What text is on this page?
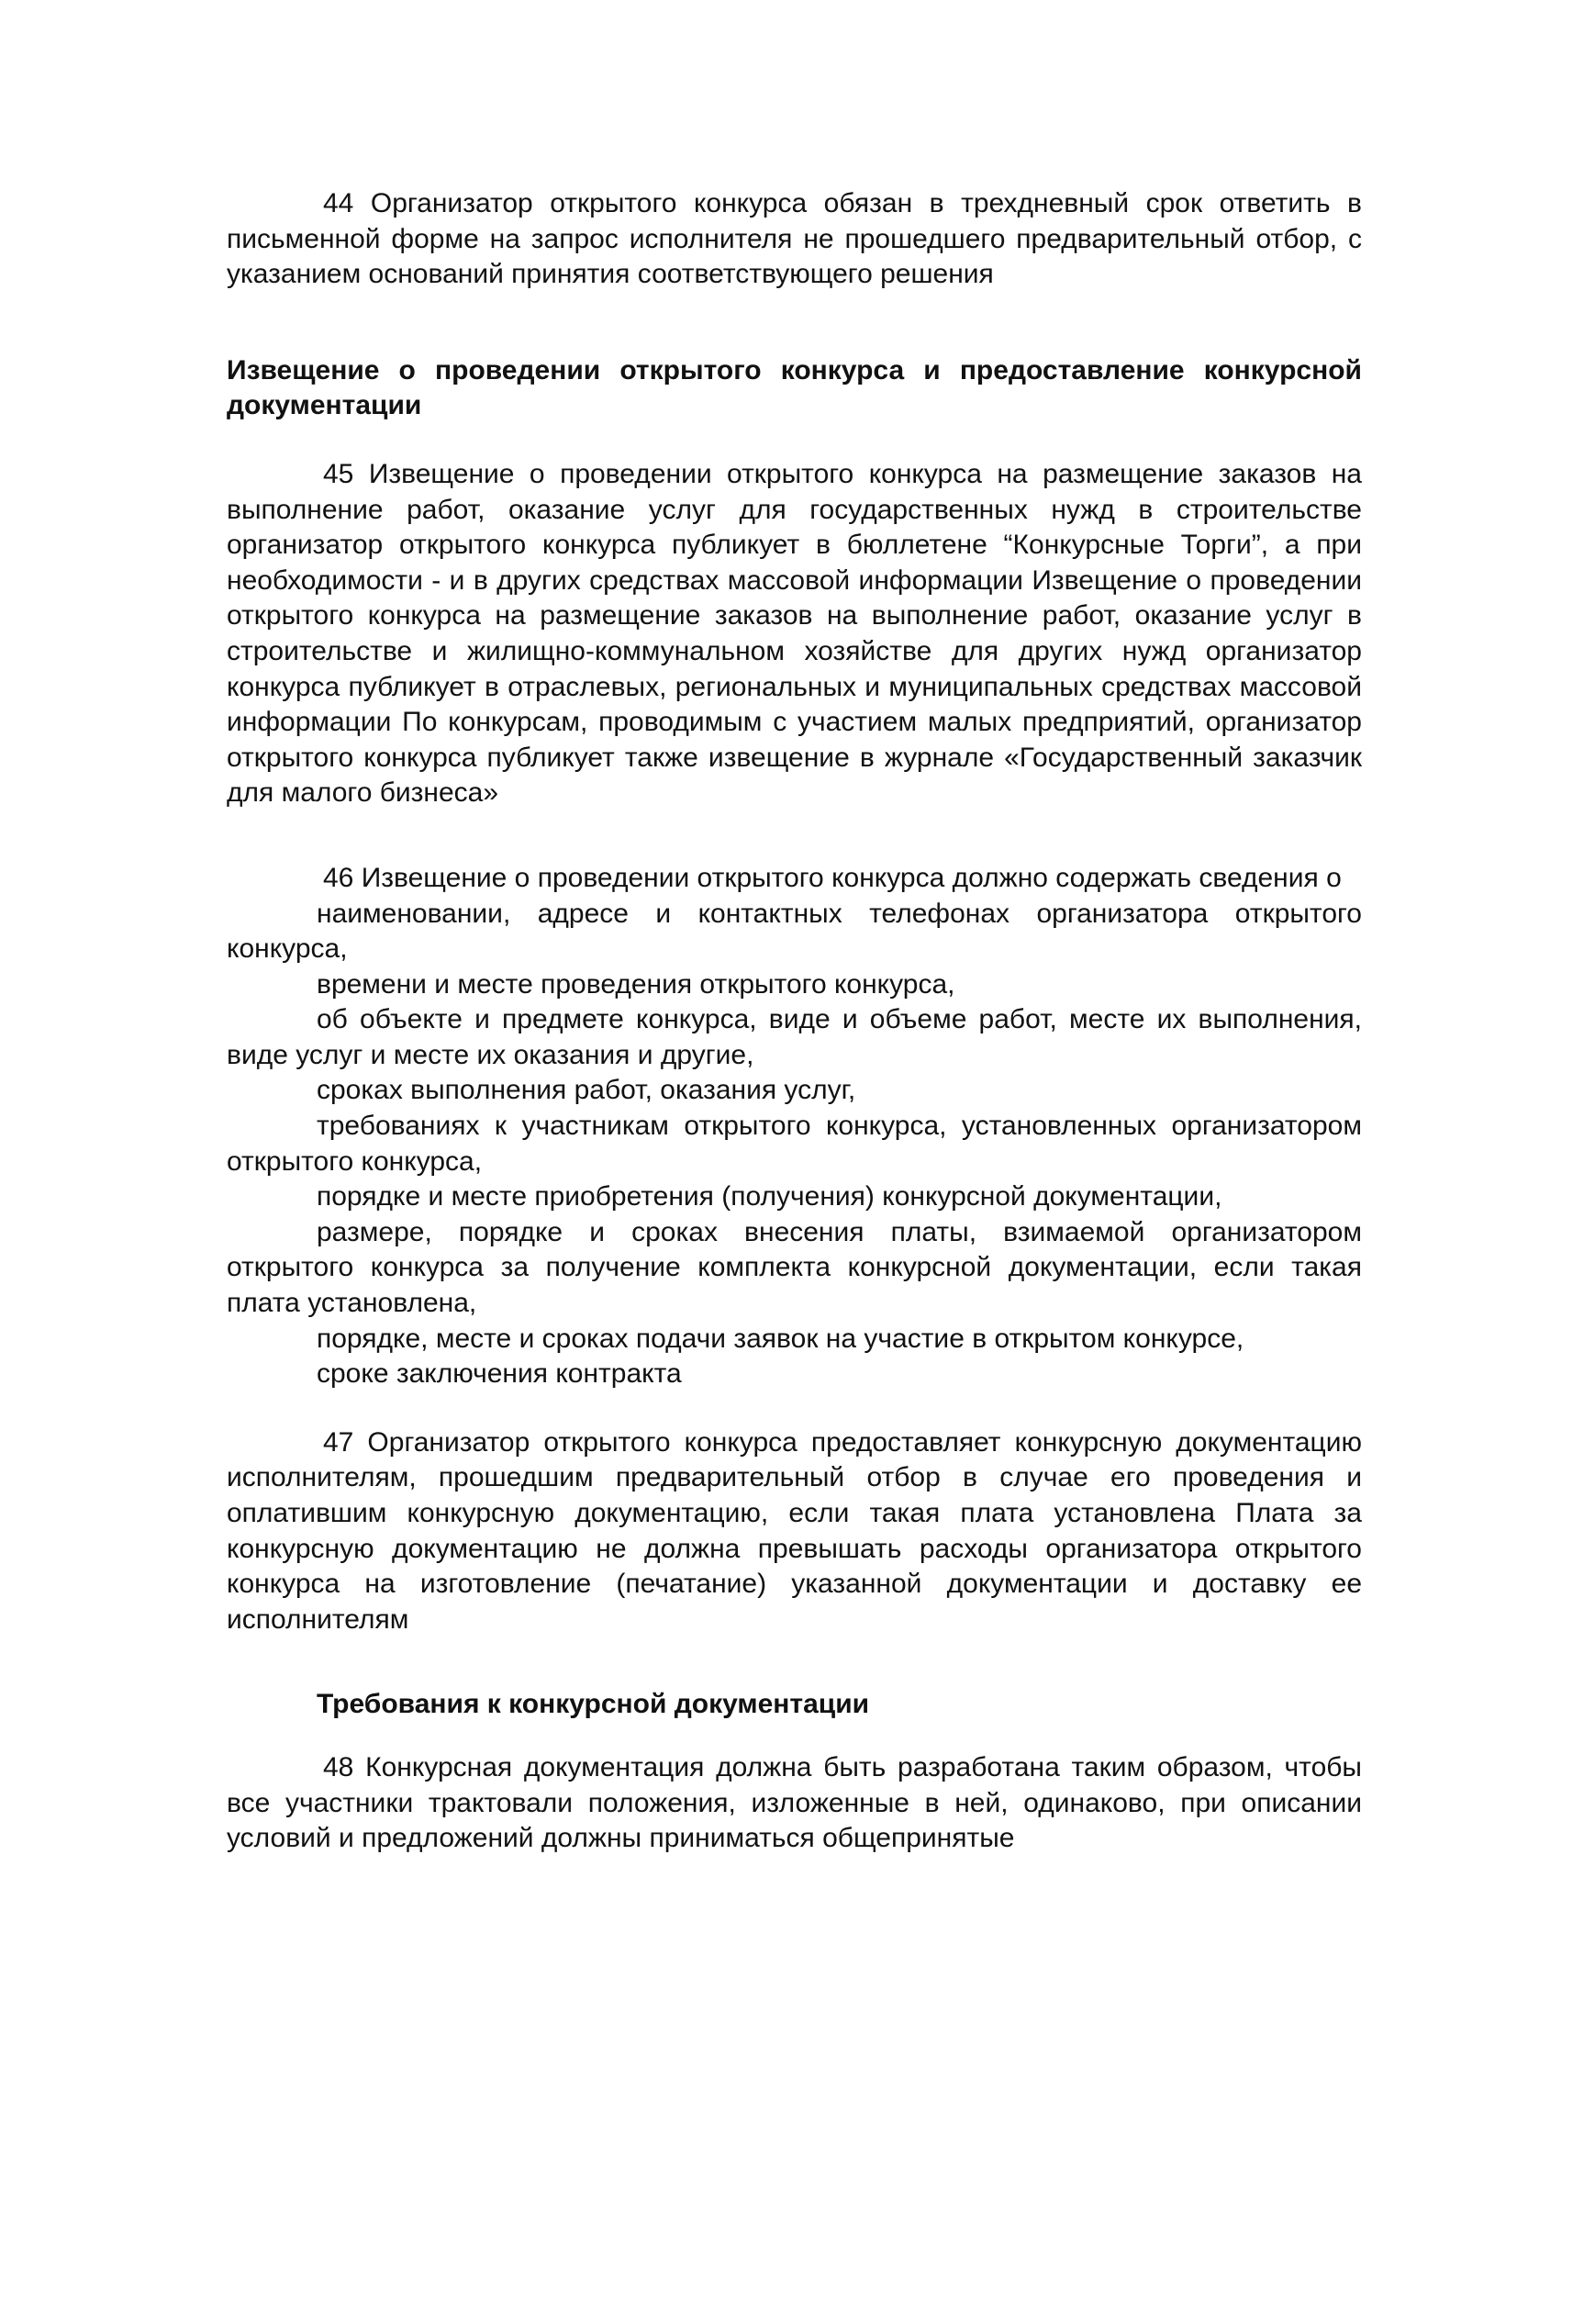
44 Организатор открытого конкурса обязан в трехдневный срок ответить в письменной форме на запрос исполнителя не прошедшего предварительный отбор, с указанием оснований принятия соответствующего решения

Извещение о проведении открытого конкурса и предоставление конкурсной документации

45 Извещение о проведении открытого конкурса на размещение заказов на выполнение работ, оказание услуг для государственных нужд в строительстве организатор открытого конкурса публикует в бюллетене “Конкурсные Торги”, а при необходимости - и в других средствах массовой информации Извещение о проведении открытого конкурса на размещение заказов на выполнение работ, оказание услуг в строительстве и жилищно-коммунальном хозяйстве для других нужд организатор конкурса публикует в отраслевых, региональных и муниципальных средствах массовой информации По конкурсам, проводимым с участием малых предприятий, организатор открытого конкурса публикует также извещение в журнале «Государственный заказчик для малого бизнеса»

46 Извещение о проведении открытого конкурса должно содержать сведения о

наименовании, адресе и контактных телефонах организатора открытого конкурса,

времени и месте проведения открытого конкурса,

об объекте и предмете конкурса, виде и объеме работ, месте их выполнения, виде услуг и месте их оказания и другие,

сроках выполнения работ, оказания услуг,

требованиях к участникам открытого конкурса, установленных организатором открытого конкурса,

порядке и месте приобретения (получения) конкурсной документации,

размере, порядке и сроках внесения платы, взимаемой организатором открытого конкурса за получение комплекта конкурсной документации, если такая плата установлена,

порядке, месте и сроках подачи заявок на участие в открытом конкурсе,

сроке заключения контракта

47 Организатор открытого конкурса предоставляет конкурсную документацию исполнителям, прошедшим предварительный отбор в случае его проведения и оплатившим конкурсную документацию, если такая плата установлена Плата за конкурсную документацию не должна превышать расходы организатора открытого конкурса на изготовление (печатание) указанной документации и доставку ее исполнителям

Требования к конкурсной документации

48 Конкурсная документация должна быть разработана таким образом, чтобы все участники трактовали положения, изложенные в ней, одинаково, при описании условий и предложений должны приниматься общепринятые
